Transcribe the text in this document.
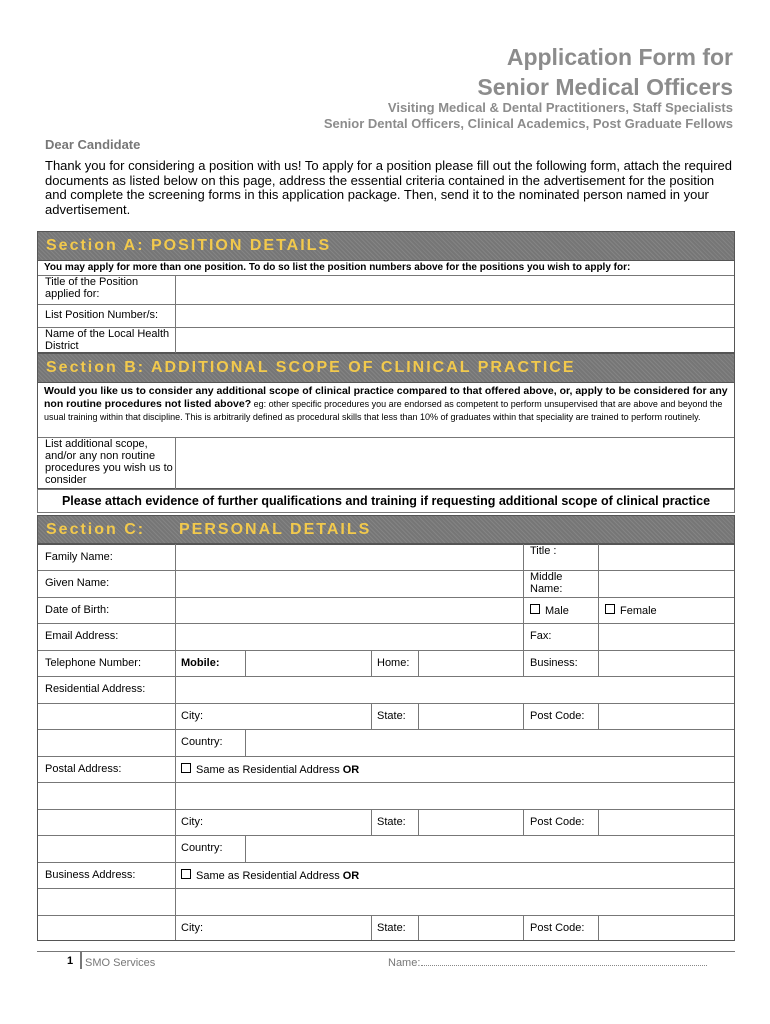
Application Form for
Senior Medical Officers
Visiting Medical & Dental Practitioners, Staff Specialists
Senior Dental Officers, Clinical Academics, Post Graduate Fellows
Dear Candidate
Thank you for considering a position with us! To apply for a position please fill out the following form, attach the required documents as listed below on this page, address the essential criteria contained in the advertisement for the position and complete the screening forms in this application package. Then, send it to the nominated person named in your advertisement.
Section A: POSITION DETAILS
You may apply for more than one position. To do so list the position numbers above for the positions you wish to apply for:
Title of the Position applied for:
List Position Number/s:
Name of the Local Health District
Section B: ADDITIONAL SCOPE OF CLINICAL PRACTICE
Would you like us to consider any additional scope of clinical practice compared to that offered above, or, apply to be considered for any non routine procedures not listed above? eg: other specific procedures you are endorsed as competent to perform unsupervised that are above and beyond the usual training within that discipline. This is arbitrarily defined as procedural skills that less than 10% of graduates within that speciality are trained to perform routinely.
List additional scope, and/or any non routine procedures you wish us to consider
Please attach evidence of further qualifications and training if requesting additional scope of clinical practice
Section C: PERSONAL DETAILS
Family Name:	Title :
Given Name:	Middle Name:
Date of Birth:	Male	Female
Email Address:	Fax:
Telephone Number:	Mobile:	Home:	Business:
Residential Address:
City:	State:	Post Code:
Country:
Postal Address:	Same as Residential Address OR
City:	State:	Post Code:
Country:
Business Address:	Same as Residential Address OR
City:	State:	Post Code:
1 SMO Services	Name:
